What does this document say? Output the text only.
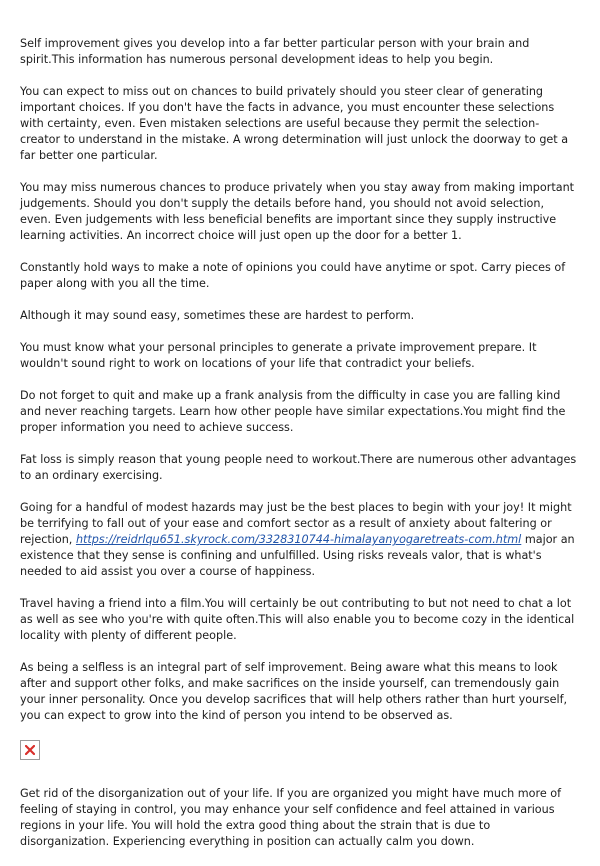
Self improvement gives you develop into a far better particular person with your brain and spirit.This information has numerous personal development ideas to help you begin.

You can expect to miss out on chances to build privately should you steer clear of generating important choices. If you don't have the facts in advance, you must encounter these selections with certainty, even. Even mistaken selections are useful because they permit the selection-creator to understand in the mistake. A wrong determination will just unlock the doorway to get a far better one particular.

You may miss numerous chances to produce privately when you stay away from making important judgements. Should you don't supply the details before hand, you should not avoid selection, even. Even judgements with less beneficial benefits are important since they supply instructive learning activities. An incorrect choice will just open up the door for a better 1.

Constantly hold ways to make a note of opinions you could have anytime or spot. Carry pieces of paper along with you all the time.

Although it may sound easy, sometimes these are hardest to perform.

You must know what your personal principles to generate a private improvement prepare. It wouldn't sound right to work on locations of your life that contradict your beliefs.

Do not forget to quit and make up a frank analysis from the difficulty in case you are falling kind and never reaching targets. Learn how other people have similar expectations.You might find the proper information you need to achieve success.

Fat loss is simply reason that young people need to workout.There are numerous other advantages to an ordinary exercising.

Going for a handful of modest hazards may just be the best places to begin with your joy! It might be terrifying to fall out of your ease and comfort sector as a result of anxiety about faltering or rejection, https://reidrlqu651.skyrock.com/3328310744-himalayanyogaretreats-com.html major an existence that they sense is confining and unfulfilled. Using risks reveals valor, that is what's needed to aid assist you over a course of happiness.

Travel having a friend into a film.You will certainly be out contributing to but not need to chat a lot as well as see who you're with quite often.This will also enable you to become cozy in the identical locality with plenty of different people.

As being a selfless is an integral part of self improvement. Being aware what this means to look after and support other folks, and make sacrifices on the inside yourself, can tremendously gain your inner personality. Once you develop sacrifices that will help others rather than hurt yourself, you can expect to grow into the kind of person you intend to be observed as.

Get rid of the disorganization out of your life. If you are organized you might have much more of feeling of staying in control, you may enhance your self confidence and feel attained in various regions in your life. You will hold the extra good thing about the strain that is due to disorganization. Experiencing everything in position can actually calm you down.
